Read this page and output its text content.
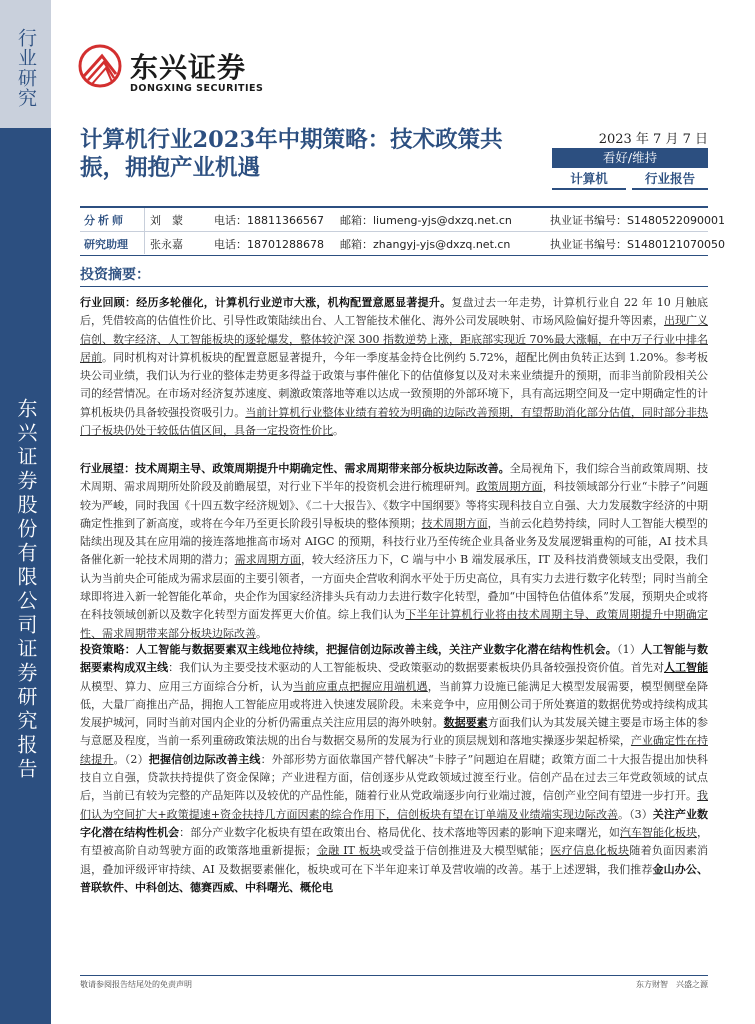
行业研究
东兴证券股份有限公司证券研究报告
东兴证券
DONGXING SECURITIES
计算机行业2023年中期策略：技术政策共振，拥抱产业机遇
2023 年 7 月 7 日
看好/维持
计算机	行业报告
分析师	刘　蒙	电话：18811366567 邮箱：liumeng-yjs@dxzq.net.cn	执业证书编号：S1480522090001
研究助理	张永嘉	电话：18701288678 邮箱：zhangyj-yjs@dxzq.net.cn	执业证书编号：S1480121070050
投资摘要：
行业回顾：经历多轮催化，计算机行业逆市大涨，机构配置意愿显著提升。复盘过去一年走势，计算机行业自 22 年 10 月触底后，凭借较高的估值性价比、引导性政策陆续出台、人工智能技术催化、海外公司发展映射、市场风险偏好提升等因素，出现广义信创、数字经济、人工智能板块的逐轮爆发，整体较沪深 300 指数逆势上涨，距底部实现近 70%最大涨幅，在中万子行业中排名居前。同时机构对计算机板块的配置意愿显著提升，今年一季度基金持仓比例约 5.72%，超配比例由负转正达到 1.20%。参考板块公司业绩，我们认为行业的整体走势更多得益于政策与事件催化下的估值修复以及对未来业绩提升的预期，而非当前阶段相关公司的经营情况。在市场对经济复苏速度、刺激政策落地等难以达成一致预期的外部环境下，具有高远期空间及一定中期确定性的计算机板块仍具备较强投资吸引力。当前计算机行业整体业绩有着较为明确的边际改善预期，有望帮助消化部分估值，同时部分非热门子板块仍处于较低估值区间，具备一定投资性价比。
行业展望：技术周期主导、政策周期提升中期确定性、需求周期带来部分板块边际改善。全局视角下，我们综合当前政策周期、技术周期、需求周期所处阶段及前瞻展望，对行业下半年的投资机会进行梳理研判。政策周期方面，科技领域部分行业“卡脖子”问题较为严峻，同时我国《十四五数字经济规划》、《二十大报告》、《数字中国纲要》等将实现科技自立自强、大力发展数字经济的中期确定性推到了新高度，或将在今年乃至更长阶段引导板块的整体预期；技术周期方面，当前云化趋势持续，同时人工智能大模型的陆续出现及其在应用端的接连落地推高市场对 AIGC 的预期，科技行业乃至传统企业具备业务及发展逻辑重构的可能，AI 技术具备催化新一轮技术周期的潜力；需求周期方面，较大经济压力下，C 端与中小 B 端发展承压，IT 及科技消费领域支出受限，我们认为当前央企可能成为需求层面的主要引领者，一方面央企营收利润水平处于历史高位，具有实力去进行数字化转型；同时当前全球即将进入新一轮智能化革命，央企作为国家经济排头兵有动力去进行数字化转型，叠加“中国特色估值体系”发展，预期央企或将在科技领域创新以及数字化转型方面发挥更大价值。综上我们认为下半年计算机行业将由技术周期主导、政策周期提升中期确定性、需求周期带来部分板块边际改善。
投资策略：人工智能与数据要素双主线地位持续，把握信创边际改善主线，关注产业数字化潜在结构性机会。（1）人工智能与数据要素构成双主线：我们认为主要受技术驱动的人工智能板块、受政策驱动的数据要素板块仍具备较强投资价值。首先对人工智能从模型、算力、应用三方面综合分析，认为当前应重点把握应用端机遇，当前算力设施已能满足大模型发展需要，模型侧壁垒降低，大量厂商推出产品，拥抱人工智能应用或将进入快速发展阶段。未来竞争中，应用侧公司于所处赛道的数据优势或持续构成其发展护城河，同时当前对国内企业的分析仍需重点关注应用层的海外映射。数据要素方面我们认为其发展关键主要是市场主体的参与意愿及程度，当前一系列重磅政策法规的出台与数据交易所的发展为行业的顶层规划和落地实操逐步架起桥梁，产业确定性在持续提升。（2）把握信创边际改善主线：外部形势方面依靠国产替代解决“卡脖子”问题迫在眉睫；政策方面二十大报告提出加快科技自立自强，贷款扶持提供了资金保障；产业进程方面，信创逐步从党政领域过渡至行业。信创产品在过去三年党政领域的试点后，当前已有较为完整的产品矩阵以及较优的产品性能，随着行业从党政端逐步向行业端过渡，信创产业空间有望进一步打开。我们认为空间扩大+政策提速+资金扶持几方面因素的综合作用下，信创板块有望在订单端及业绩端实现边际改善。（3）关注产业数字化潜在结构性机会：部分产业数字化板块有望在政策出台、格局优化、技术落地等因素的影响下迎来曙光，如汽车智能化板块，有望被高阶自动驾驶方面的政策落地重新提振；金融 IT 板块或受益于信创推进及大模型赋能；医疗信息化板块随着负面因素消退，叠加评级评审持续、AI 及数据要素催化，板块或可在下半年迎来订单及营收端的改善。基于上述逻辑，我们推荐金山办公、普联软件、中科创达、德赛西威、中科曙光、概伦电
敬请参阅报告结尾处的免责声明	东方财智　兴盛之源
